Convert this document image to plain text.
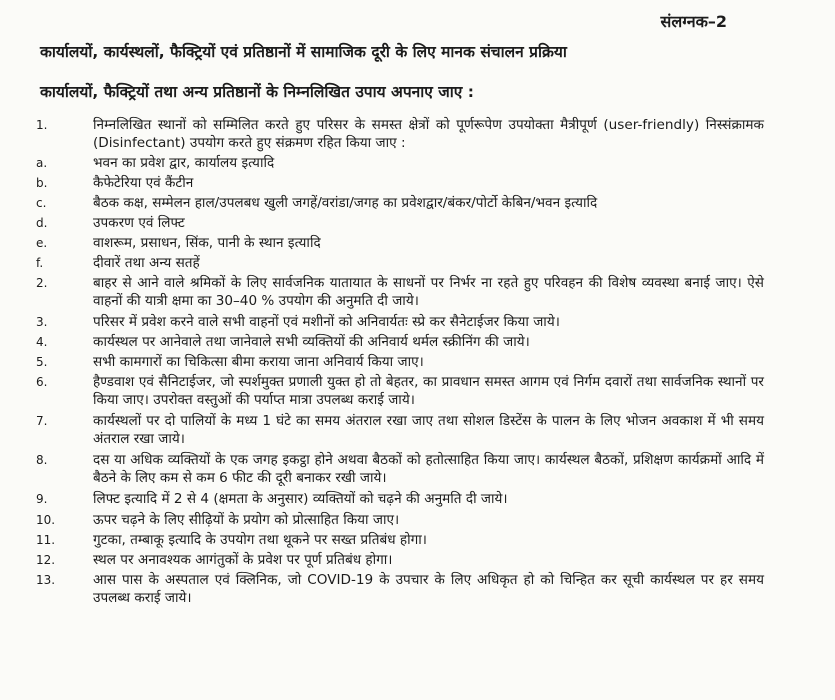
संलग्नक–2
कार्यालयों, कार्यस्थलों, फैक्ट्रियों एवं प्रतिष्ठानों में सामाजिक दूरी के लिए मानक संचालन प्रक्रिया
कार्यालयों, फैक्ट्रियों तथा अन्य प्रतिष्ठानों के निम्नलिखित उपाय अपनाए जाए :
1.	निम्नलिखित स्थानों को सम्मिलित करते हुए परिसर के समस्त क्षेत्रों को पूर्णरूपेण उपयोक्ता मैत्रीपूर्ण (user-friendly) निस्संक्रामक (Disinfectant) उपयोग करते हुए संक्रमण रहित किया जाए :
a.	भवन का प्रवेश द्वार, कार्यालय इत्यादि
b.	कैफेटेरिया एवं कैंटीन
c.	बैठक कक्ष, सम्मेलन हाल/उपलबध खुली जगहें/वरांडा/जगह का प्रवेशद्वार/बंकर/पोर्टो केबिन/भवन इत्यादि
d.	उपकरण एवं लिफ्ट
e.	वाशरूम, प्रसाधन, सिंक, पानी के स्थान इत्यादि
f.	दीवारें तथा अन्य सतहें
2.	बाहर से आने वाले श्रमिकों के लिए सार्वजनिक यातायात के साधनों पर निर्भर ना रहते हुए परिवहन की विशेष व्यवस्था बनाई जाए। ऐसे वाहनों की यात्री क्षमा का 30–40 % उपयोग की अनुमति दी जाये।
3.	परिसर में प्रवेश करने वाले सभी वाहनों एवं मशीनों को अनिवार्यतः स्प्रे कर सैनेटाईजर किया जाये।
4.	कार्यस्थल पर आनेवाले तथा जानेवाले सभी व्यक्तियों की अनिवार्य थर्मल स्क्रीनिंग की जाये।
5.	सभी कामगारों का चिकित्सा बीमा कराया जाना अनिवार्य किया जाए।
6.	हैण्डवाश एवं सैनिटाईजर, जो स्पर्शमुक्त प्रणाली युक्त हो तो बेहतर, का प्रावधान समस्त आगम एवं निर्गम दवारों तथा सार्वजनिक स्थानों पर किया जाए। उपरोक्त वस्तुओं की पर्याप्त मात्रा उपलब्ध कराई जाये।
7.	कार्यस्थलों पर दो पालियों के मध्य 1 घंटे का समय अंतराल रखा जाए तथा सोशल डिस्टेंस के पालन के लिए भोजन अवकाश में भी समय अंतराल रखा जाये।
8.	दस या अधिक व्यक्तियों के एक जगह इकट्ठा होने अथवा बैठकों को हतोत्साहित किया जाए। कार्यस्थल बैठकों, प्रशिक्षण कार्यक्रमों आदि में बैठने के लिए कम से कम 6 फीट की दूरी बनाकर रखी जाये।
9.	लिफ्ट इत्यादि में 2 से 4 (क्षमता के अनुसार) व्यक्तियों को चढ़ने की अनुमति दी जाये।
10.	ऊपर चढ़ने के लिए सीढ़ियों के प्रयोग को प्रोत्साहित किया जाए।
11.	गुटका, तम्बाकू इत्यादि के उपयोग तथा थूकने पर सख्त प्रतिबंध होगा।
12.	स्थल पर अनावश्यक आगंतुकों के प्रवेश पर पूर्ण प्रतिबंध होगा।
13.	आस पास के अस्पताल एवं क्लिनिक, जो COVID-19 के उपचार के लिए अधिकृत हो को चिन्हित कर सूची कार्यस्थल पर हर समय उपलब्ध कराई जाये।
